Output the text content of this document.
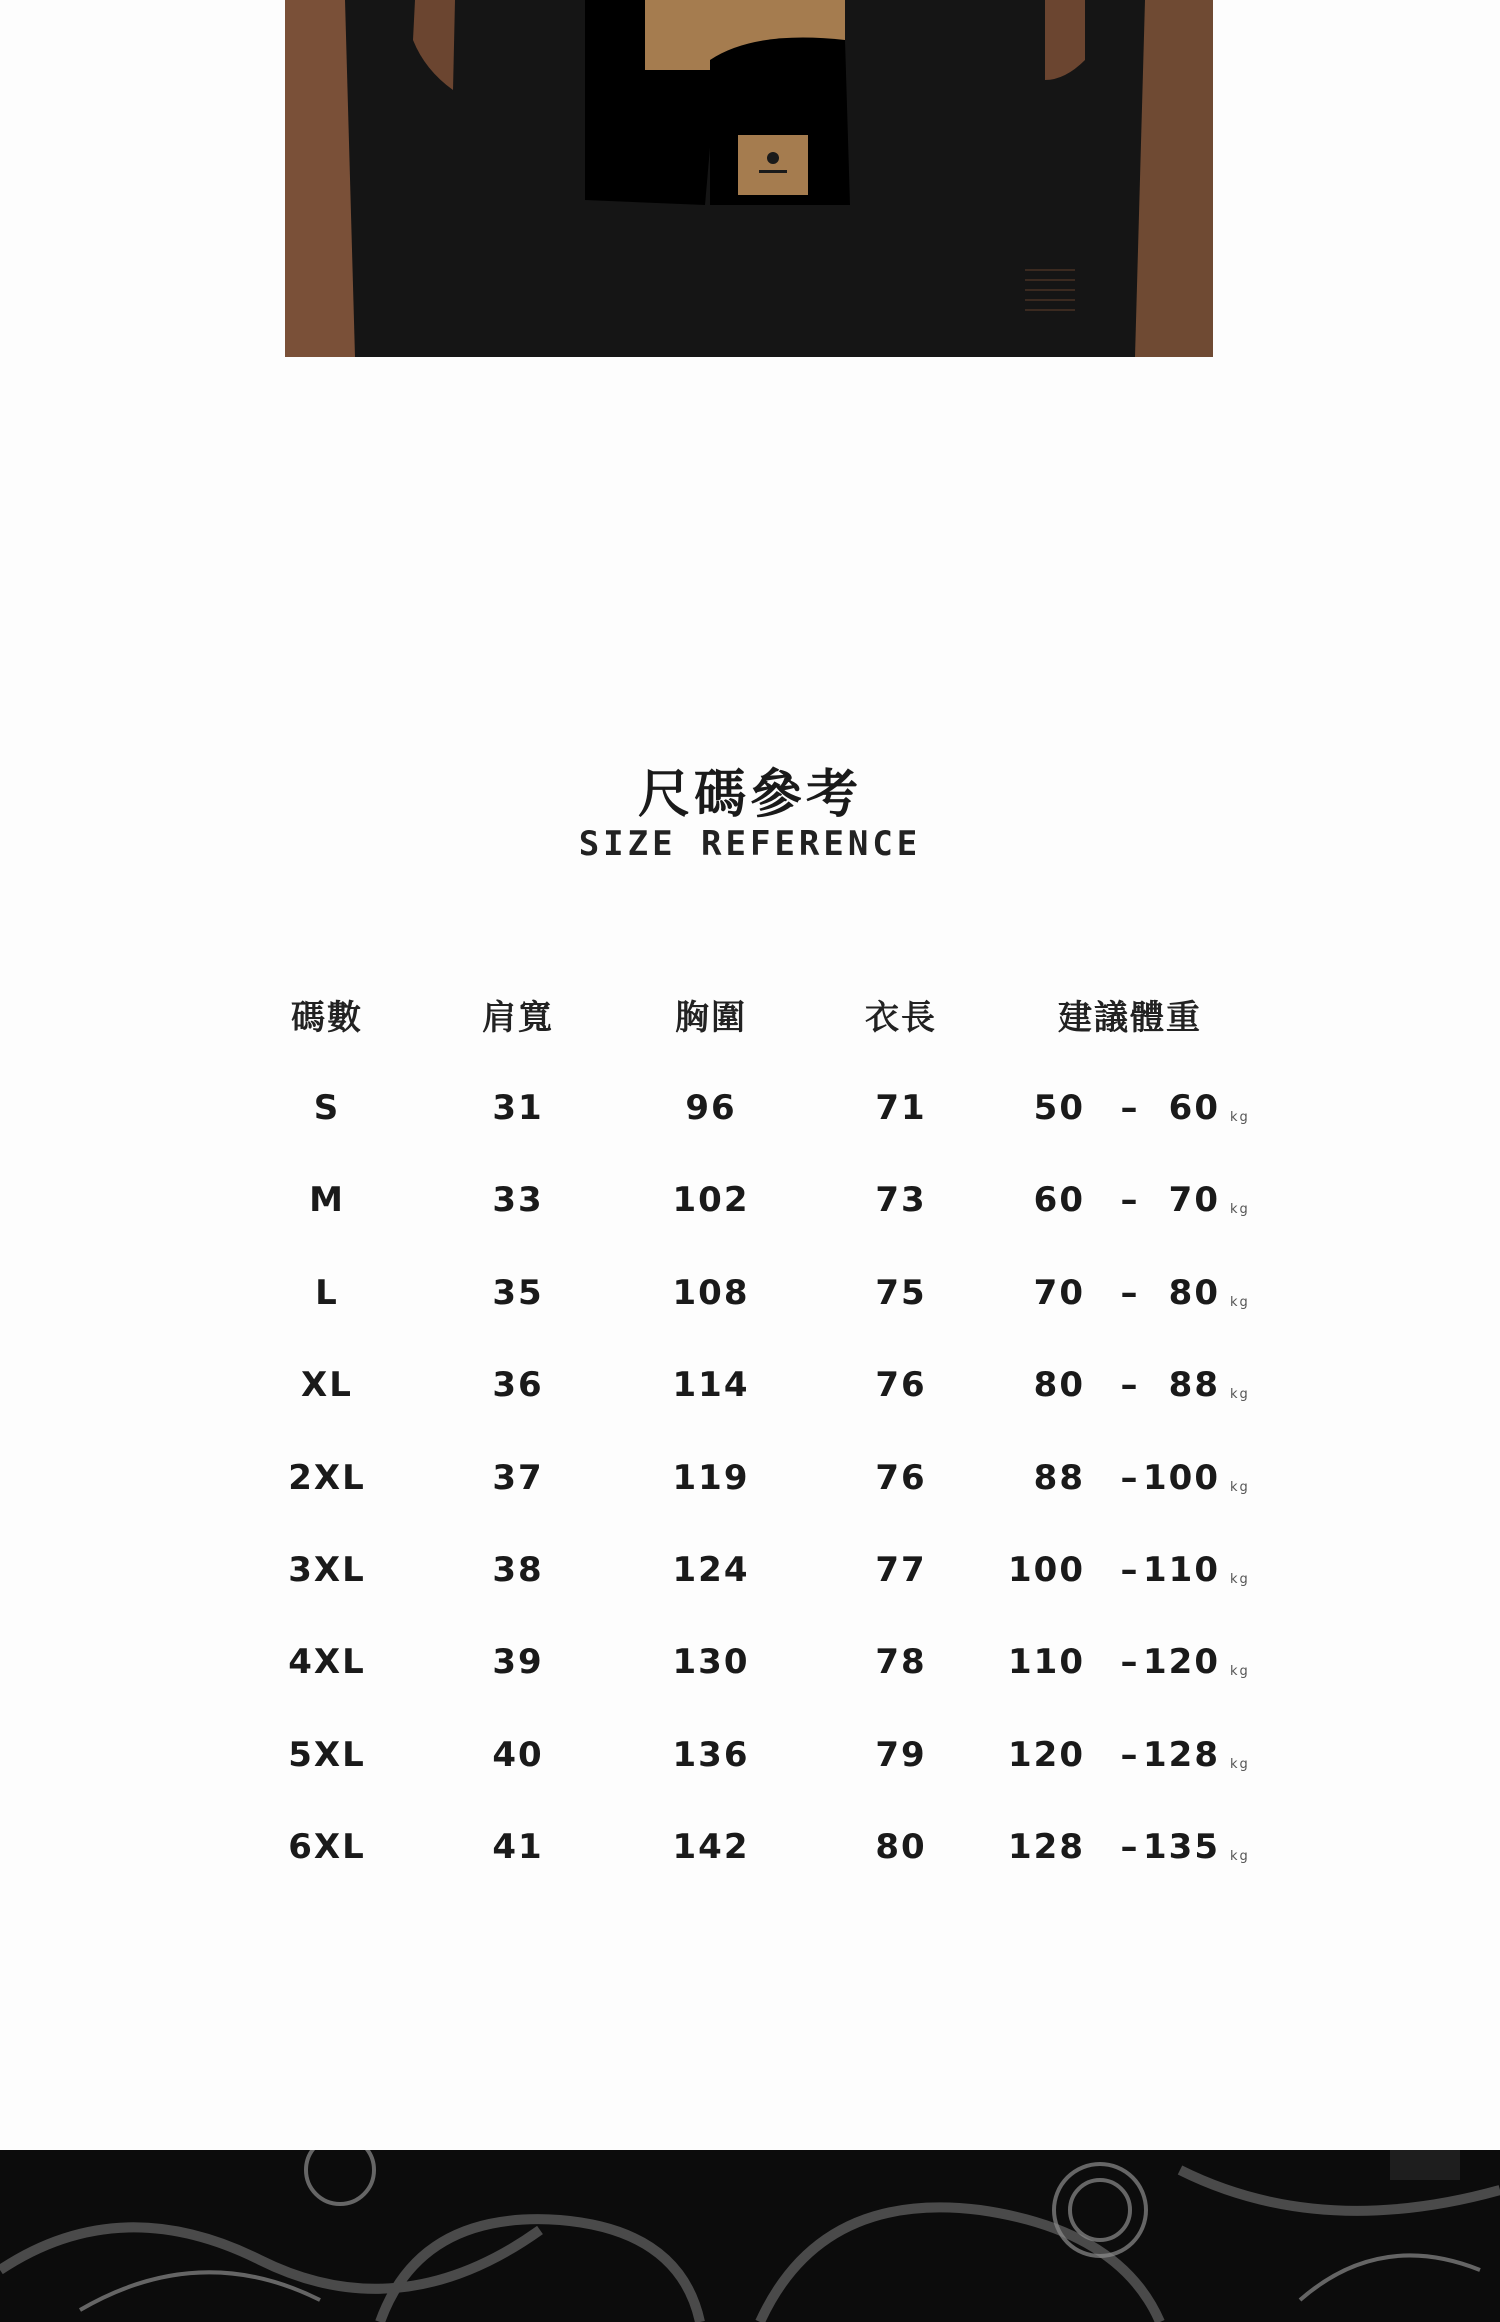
尺碼參考
SIZE REFERENCE
碼數	肩寬	胸圍	衣長	建議體重
S	31	96	71	50 – 60 kg
M	33	102	73	60 – 70 kg
L	35	108	75	70 – 80 kg
XL	36	114	76	80 – 88 kg
2XL	37	119	76	88 – 100 kg
3XL	38	124	77	100 – 110 kg
4XL	39	130	78	110 – 120 kg
5XL	40	136	79	120 – 128 kg
6XL	41	142	80	128 – 135 kg
